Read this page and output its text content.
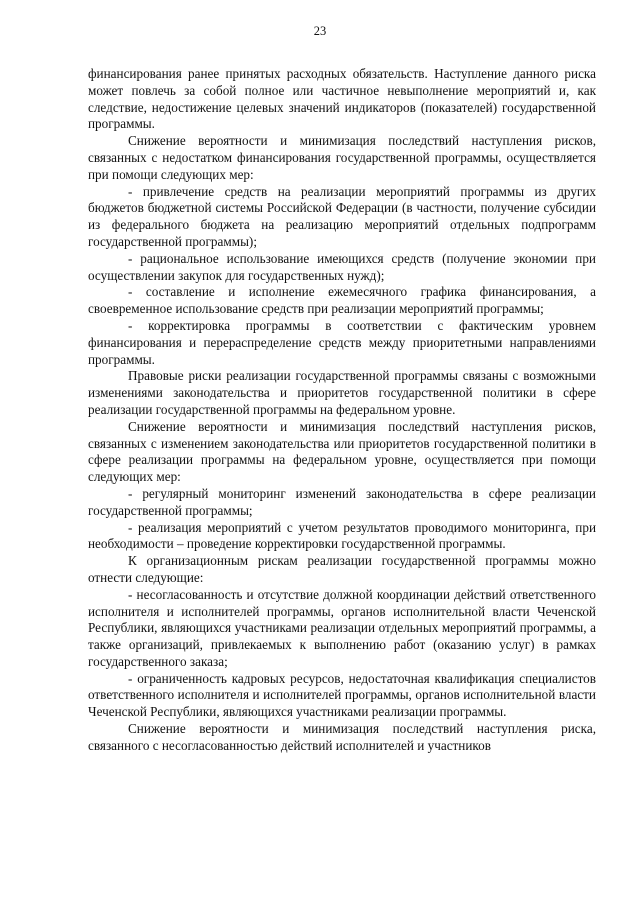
23

финансирования ранее принятых расходных обязательств. Наступление данного риска может повлечь за собой полное или частичное невыполнение мероприятий и, как следствие, недостижение целевых значений индикаторов (показателей) государственной программы.

Снижение вероятности и минимизация последствий наступления рисков, связанных с недостатком финансирования государственной программы, осуществляется при помощи следующих мер:

- привлечение средств на реализации мероприятий программы из других бюджетов бюджетной системы Российской Федерации (в частности, получение субсидии из федерального бюджета на реализацию мероприятий отдельных подпрограмм государственной программы);

- рациональное использование имеющихся средств (получение экономии при осуществлении закупок для государственных нужд);

- составление и исполнение ежемесячного графика финансирования, а своевременное использование средств при реализации мероприятий программы;

- корректировка программы в соответствии с фактическим уровнем финансирования и перераспределение средств между приоритетными направлениями программы.

Правовые риски реализации государственной программы связаны с возможными изменениями законодательства и приоритетов государственной политики в сфере реализации государственной программы на федеральном уровне.

Снижение вероятности и минимизация последствий наступления рисков, связанных с изменением законодательства или приоритетов государственной политики в сфере реализации программы на федеральном уровне, осуществляется при помощи следующих мер:

- регулярный мониторинг изменений законодательства в сфере реализации государственной программы;

- реализация мероприятий с учетом результатов проводимого мониторинга, при необходимости – проведение корректировки государственной программы.

К организационным рискам реализации государственной программы можно отнести следующие:

- несогласованность и отсутствие должной координации действий ответственного исполнителя и исполнителей программы, органов исполнительной власти Чеченской Республики, являющихся участниками реализации отдельных мероприятий программы, а также организаций, привлекаемых к выполнению работ (оказанию услуг) в рамках государственного заказа;

- ограниченность кадровых ресурсов, недостаточная квалификация специалистов ответственного исполнителя и исполнителей программы, органов исполнительной власти Чеченской Республики, являющихся участниками реализации программы.

Снижение вероятности и минимизация последствий наступления риска, связанного с несогласованностью действий исполнителей и участников
